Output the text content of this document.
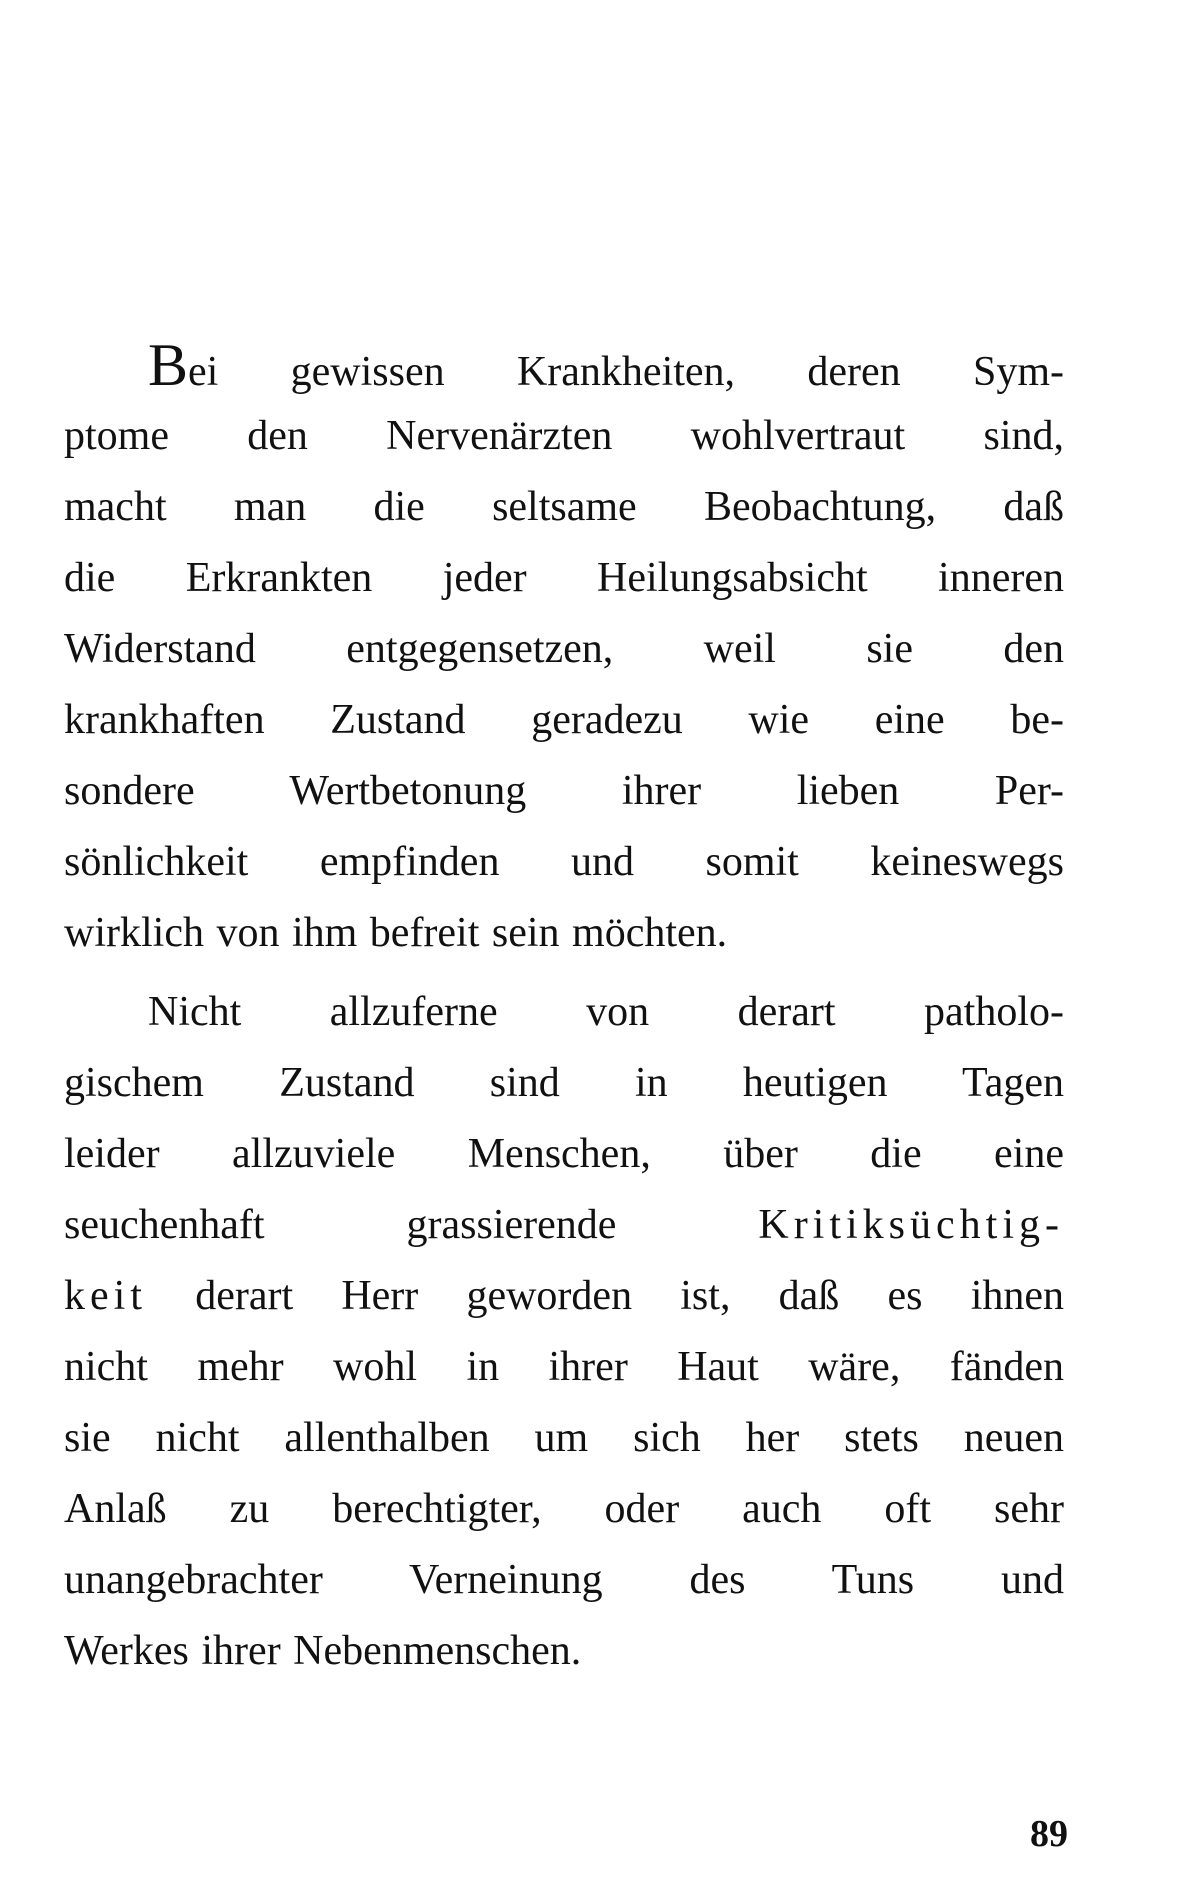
Bei gewissen Krankheiten, deren Sym-
ptome den Nervenärzten wohlvertraut sind,
macht man die seltsame Beobachtung, daß
die Erkrankten jeder Heilungsabsicht inneren
Widerstand entgegensetzen, weil sie den
krankhaften Zustand geradezu wie eine be-
sondere Wertbetonung ihrer lieben Per-
sönlichkeit empfinden und somit keineswegs
wirklich von ihm befreit sein möchten.
Nicht allzuferne von derart patholo-
gischem Zustand sind in heutigen Tagen
leider allzuviele Menschen, über die eine
seuchenhaft grassierende Kritiksüchtig-
keit derart Herr geworden ist, daß es ihnen
nicht mehr wohl in ihrer Haut wäre, fänden
sie nicht allenthalben um sich her stets neuen
Anlaß zu berechtigter, oder auch oft sehr
unangebrachter Verneinung des Tuns und
Werkes ihrer Nebenmenschen.
89
